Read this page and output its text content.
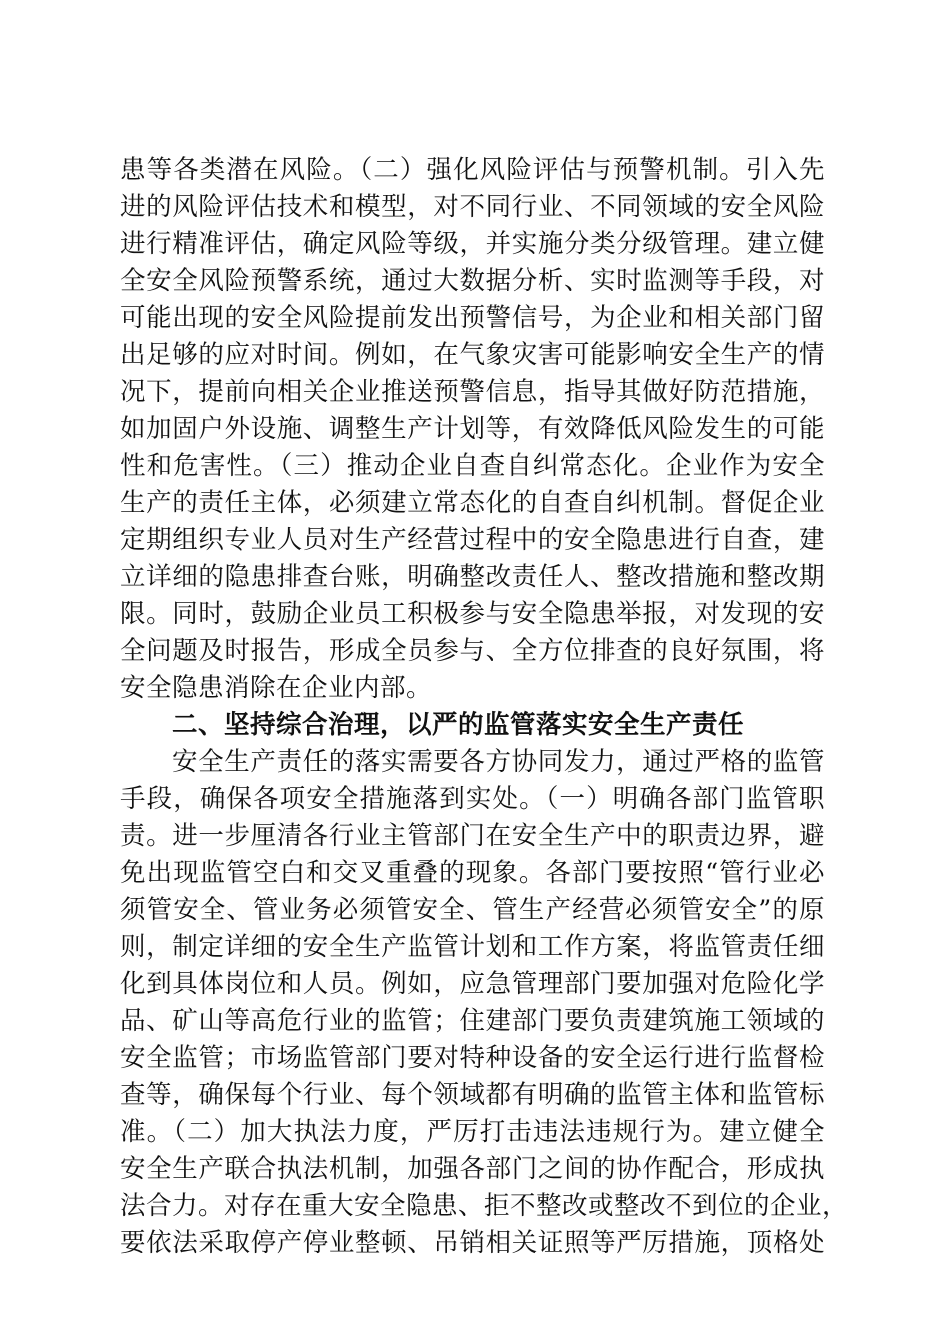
患等各类潜在风险。（二）强化风险评估与预警机制。引入先
进的风险评估技术和模型，对不同行业、不同领域的安全风险
进行精准评估，确定风险等级，并实施分类分级管理。建立健
全安全风险预警系统，通过大数据分析、实时监测等手段，对
可能出现的安全风险提前发出预警信号，为企业和相关部门留
出足够的应对时间。例如，在气象灾害可能影响安全生产的情
况下，提前向相关企业推送预警信息，指导其做好防范措施，
如加固户外设施、调整生产计划等，有效降低风险发生的可能
性和危害性。（三）推动企业自查自纠常态化。企业作为安全
生产的责任主体，必须建立常态化的自查自纠机制。督促企业
定期组织专业人员对生产经营过程中的安全隐患进行自查，建
立详细的隐患排查台账，明确整改责任人、整改措施和整改期
限。同时，鼓励企业员工积极参与安全隐患举报，对发现的安
全问题及时报告，形成全员参与、全方位排查的良好氛围，将
安全隐患消除在企业内部。
二、坚持综合治理，以严的监管落实安全生产责任
安全生产责任的落实需要各方协同发力，通过严格的监管
手段，确保各项安全措施落到实处。（一）明确各部门监管职
责。进一步厘清各行业主管部门在安全生产中的职责边界，避
免出现监管空白和交叉重叠的现象。各部门要按照“管行业必
须管安全、管业务必须管安全、管生产经营必须管安全”的原
则，制定详细的安全生产监管计划和工作方案，将监管责任细
化到具体岗位和人员。例如，应急管理部门要加强对危险化学
品、矿山等高危行业的监管；住建部门要负责建筑施工领域的
安全监管；市场监管部门要对特种设备的安全运行进行监督检
查等，确保每个行业、每个领域都有明确的监管主体和监管标
准。（二）加大执法力度，严厉打击违法违规行为。建立健全
安全生产联合执法机制，加强各部门之间的协作配合，形成执
法合力。对存在重大安全隐患、拒不整改或整改不到位的企业，
要依法采取停产停业整顿、吊销相关证照等严厉措施，顶格处
